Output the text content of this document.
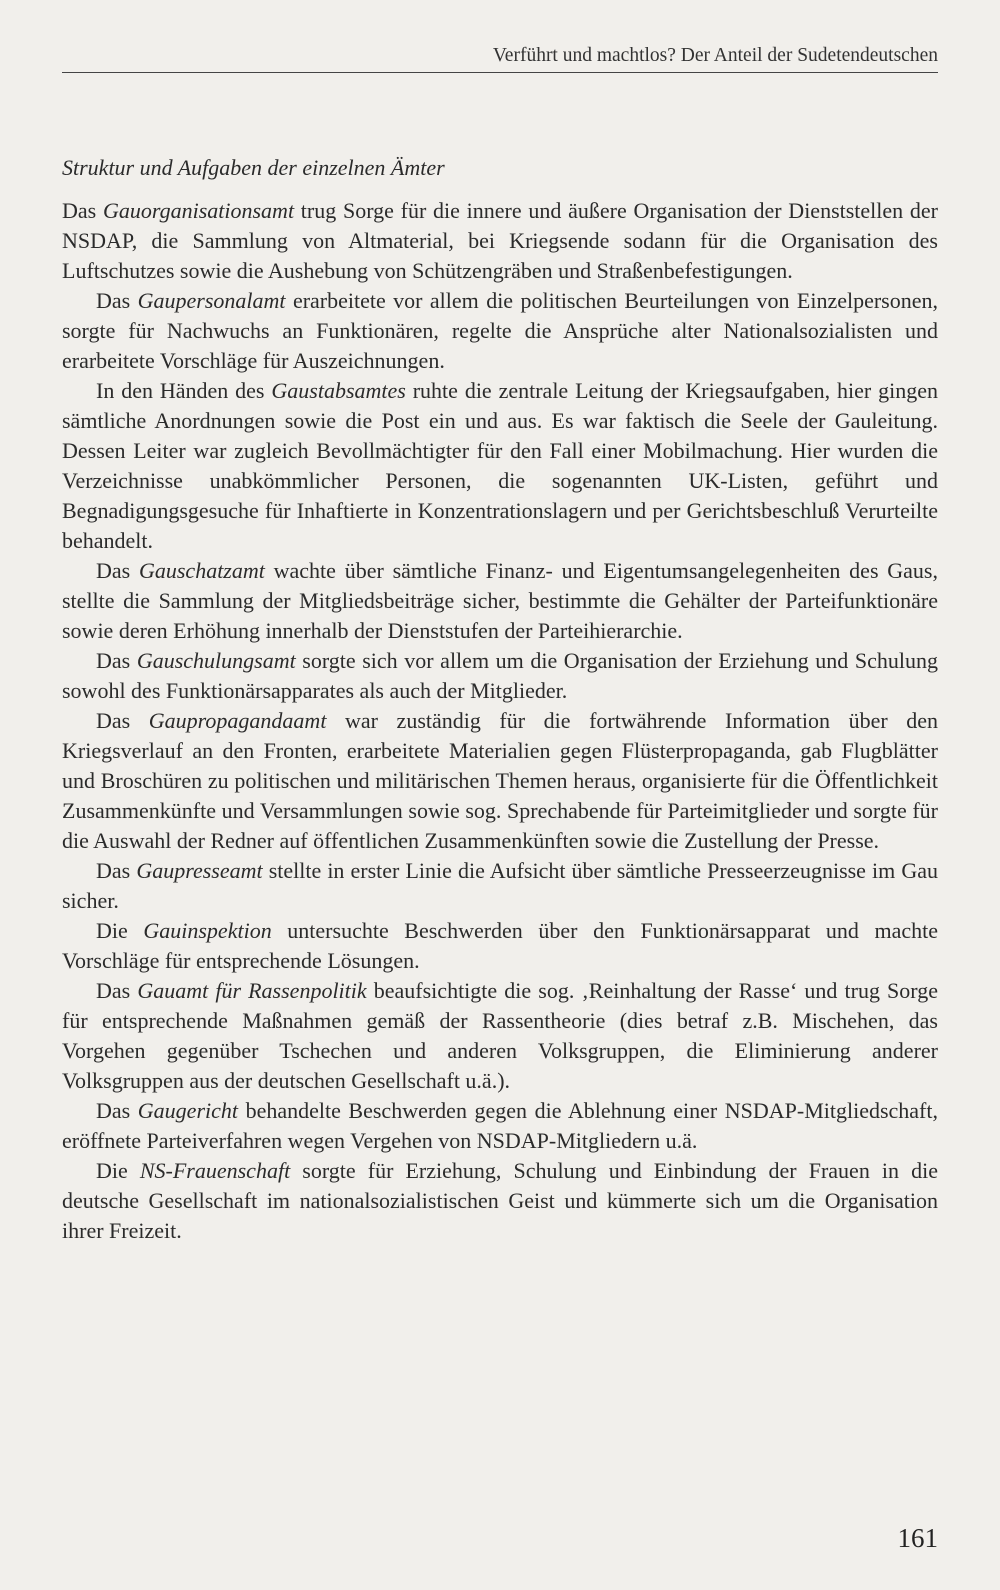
Verführt und machtlos? Der Anteil der Sudetendeutschen
Struktur und Aufgaben der einzelnen Ämter

Das Gauorganisationsamt trug Sorge für die innere und äußere Organisation der Dienststellen der NSDAP, die Sammlung von Altmaterial, bei Kriegsende sodann für die Organisation des Luftschutzes sowie die Aushebung von Schützengräben und Straßenbefestigungen.

Das Gaupersonalamt erarbeitete vor allem die politischen Beurteilungen von Einzelpersonen, sorgte für Nachwuchs an Funktionären, regelte die Ansprüche alter Nationalsozialisten und erarbeitete Vorschläge für Auszeichnungen.

In den Händen des Gaustabsamtes ruhte die zentrale Leitung der Kriegsaufgaben, hier gingen sämtliche Anordnungen sowie die Post ein und aus. Es war faktisch die Seele der Gauleitung. Dessen Leiter war zugleich Bevollmächtigter für den Fall einer Mobilmachung. Hier wurden die Verzeichnisse unabkömmlicher Personen, die sogenannten UK-Listen, geführt und Begnadigungsgesuche für Inhaftierte in Konzentrationslagern und per Gerichtsbeschluß Verurteilte behandelt.

Das Gauschatzamt wachte über sämtliche Finanz- und Eigentumsangelegenheiten des Gaus, stellte die Sammlung der Mitgliedsbeiträge sicher, bestimmte die Gehälter der Parteifunktionäre sowie deren Erhöhung innerhalb der Dienststufen der Parteihierarchie.

Das Gauschulungsamt sorgte sich vor allem um die Organisation der Erziehung und Schulung sowohl des Funktionärsapparates als auch der Mitglieder.

Das Gaupropagandaamt war zuständig für die fortwährende Information über den Kriegsverlauf an den Fronten, erarbeitete Materialien gegen Flüsterpropaganda, gab Flugblätter und Broschüren zu politischen und militärischen Themen heraus, organisierte für die Öffentlichkeit Zusammenkünfte und Versammlungen sowie sog. Sprechabende für Parteimitglieder und sorgte für die Auswahl der Redner auf öffentlichen Zusammenkünften sowie die Zustellung der Presse.

Das Gaupresseamt stellte in erster Linie die Aufsicht über sämtliche Presseerzeugnisse im Gau sicher.

Die Gauinspektion untersuchte Beschwerden über den Funktionärsapparat und machte Vorschläge für entsprechende Lösungen.

Das Gauamt für Rassenpolitik beaufsichtigte die sog. ‚Reinhaltung der Rasse‘ und trug Sorge für entsprechende Maßnahmen gemäß der Rassentheorie (dies betraf z.B. Mischehen, das Vorgehen gegenüber Tschechen und anderen Volksgruppen, die Eliminierung anderer Volksgruppen aus der deutschen Gesellschaft u.ä.).

Das Gaugericht behandelte Beschwerden gegen die Ablehnung einer NSDAP-Mitgliedschaft, eröffnete Parteiverfahren wegen Vergehen von NSDAP-Mitgliedern u.ä.

Die NS-Frauenschaft sorgte für Erziehung, Schulung und Einbindung der Frauen in die deutsche Gesellschaft im nationalsozialistischen Geist und kümmerte sich um die Organisation ihrer Freizeit.

161
